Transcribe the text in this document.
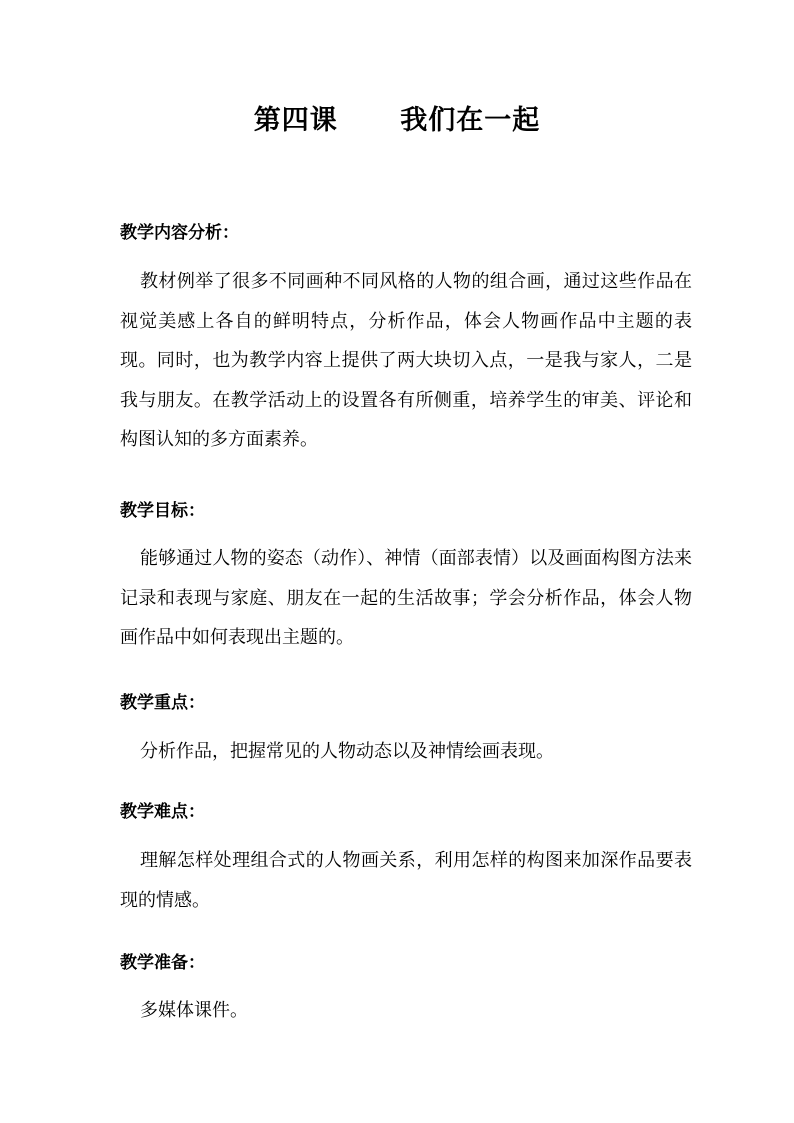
第四课      我们在一起
教学内容分析：
教材例举了很多不同画种不同风格的人物的组合画，通过这些作品在视觉美感上各自的鲜明特点，分析作品，体会人物画作品中主题的表现。同时，也为教学内容上提供了两大块切入点，一是我与家人，二是我与朋友。在教学活动上的设置各有所侧重，培养学生的审美、评论和构图认知的多方面素养。
教学目标：
能够通过人物的姿态（动作）、神情（面部表情）以及画面构图方法来记录和表现与家庭、朋友在一起的生活故事；学会分析作品，体会人物画作品中如何表现出主题的。
教学重点：
分析作品，把握常见的人物动态以及神情绘画表现。
教学难点：
理解怎样处理组合式的人物画关系，利用怎样的构图来加深作品要表现的情感。
教学准备：
多媒体课件。
